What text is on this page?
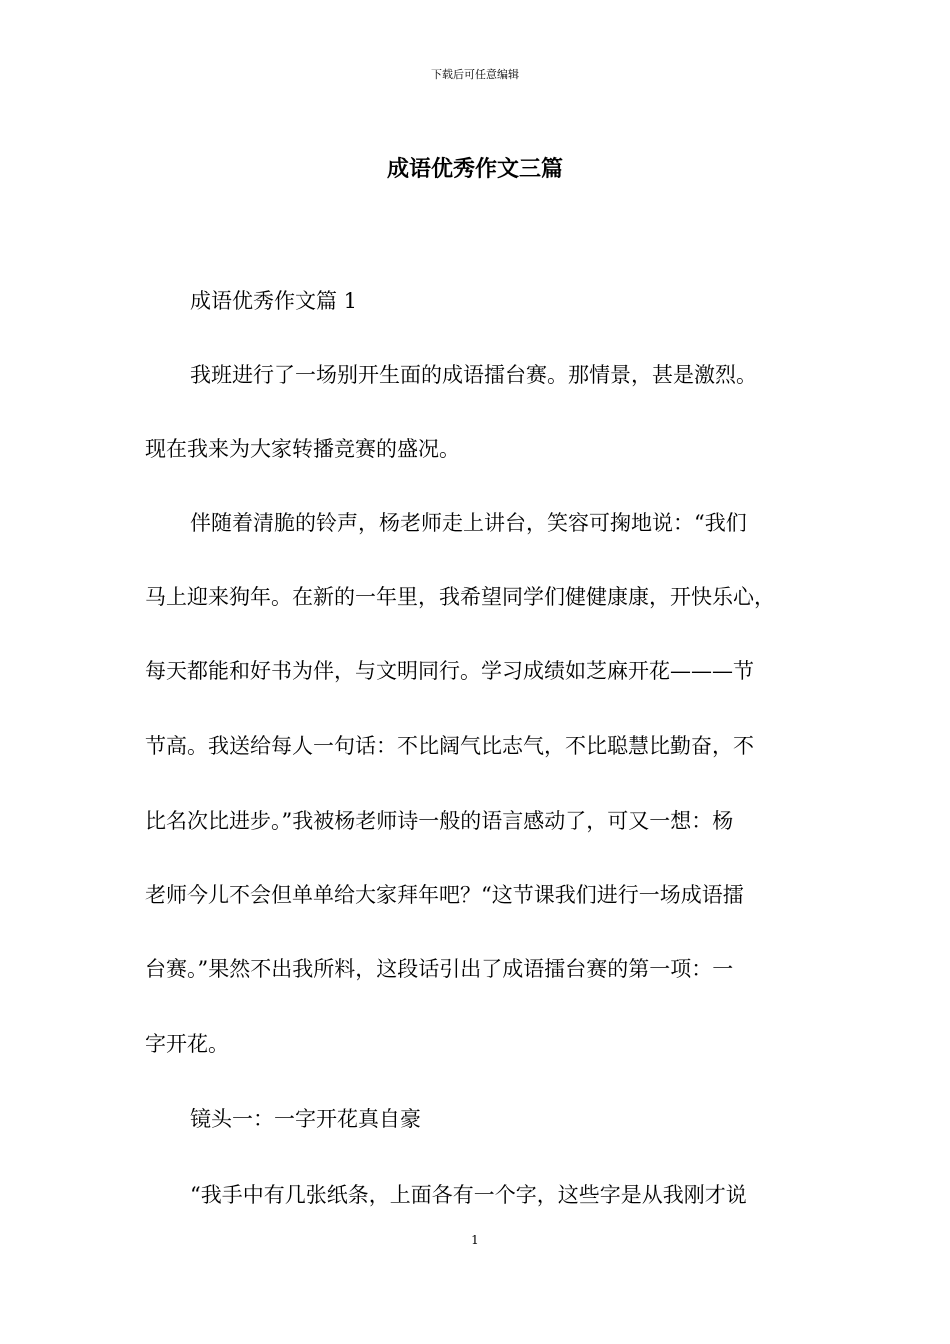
下载后可任意编辑
成语优秀作文三篇
成语优秀作文篇 1
我班进行了一场别开生面的成语擂台赛。那情景，甚是激烈。
现在我来为大家转播竞赛的盛况。
伴随着清脆的铃声，杨老师走上讲台，笑容可掬地说：“我们
马上迎来狗年。在新的一年里，我希望同学们健健康康，开快乐心，
每天都能和好书为伴，与文明同行。学习成绩如芝麻开花———节
节高。我送给每人一句话：不比阔气比志气，不比聪慧比勤奋，不
比名次比进步。”我被杨老师诗一般的语言感动了，可又一想：杨
老师今儿不会但单单给大家拜年吧？“这节课我们进行一场成语擂
台赛。”果然不出我所料，这段话引出了成语擂台赛的第一项：一
字开花。
镜头一：一字开花真自豪
“我手中有几张纸条，上面各有一个字，这些字是从我刚才说
1
